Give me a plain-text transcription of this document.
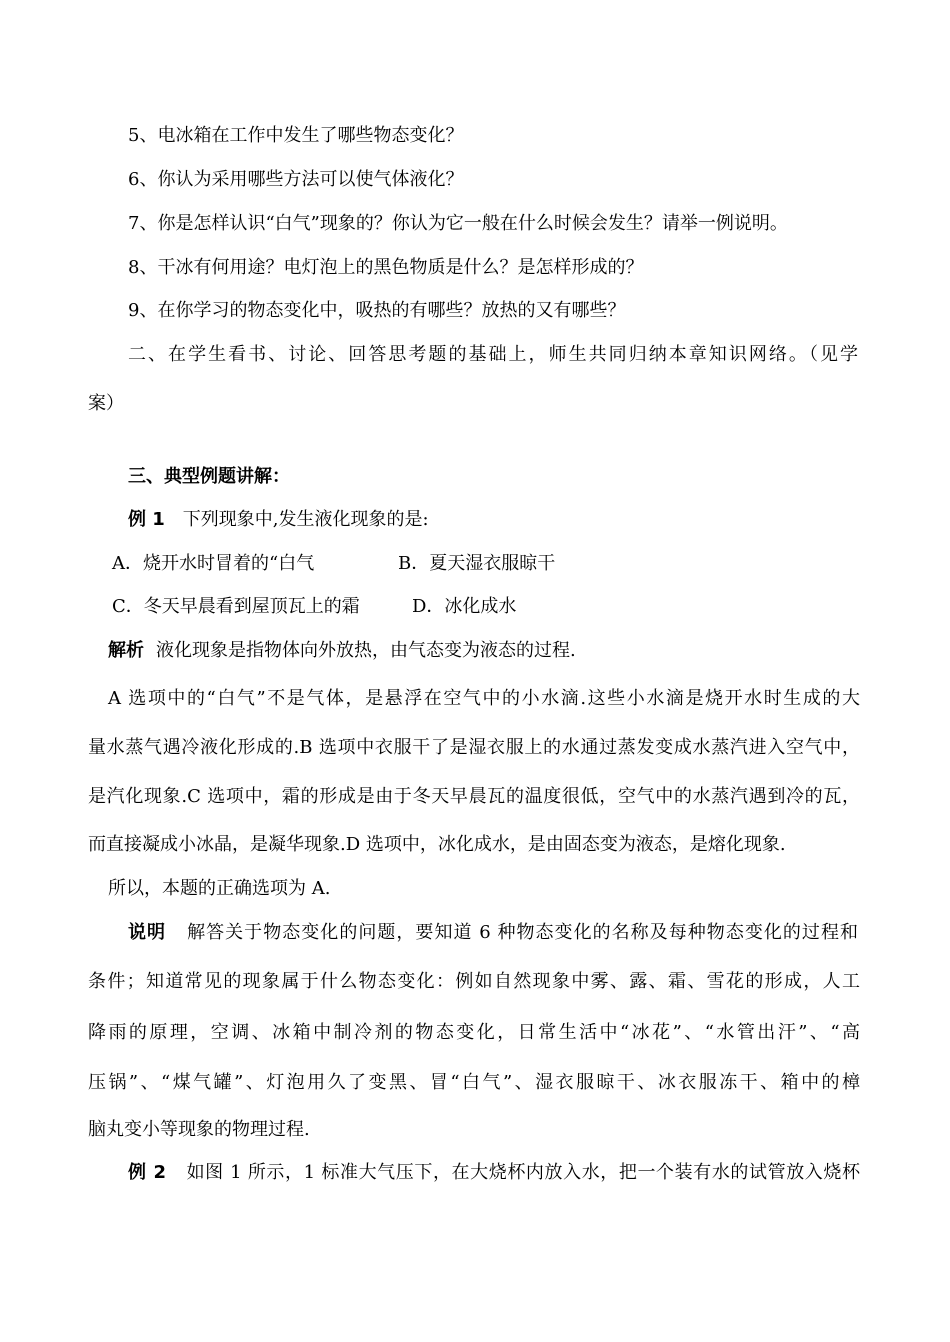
5、电冰箱在工作中发生了哪些物态变化？
6、你认为采用哪些方法可以使气体液化？
7、你是怎样认识“白气”现象的？你认为它一般在什么时候会发生？请举一例说明。
8、干冰有何用途？电灯泡上的黑色物质是什么？是怎样形成的？
9、在你学习的物态变化中，吸热的有哪些？放热的又有哪些？
二、在学生看书、讨论、回答思考题的基础上，师生共同归纳本章知识网络。（见学
案）
三、典型例题讲解：
例 1 下列现象中,发生液化现象的是:
A．烧开水时冒着的“白气	B．夏天湿衣服晾干
C．冬天早晨看到屋顶瓦上的霜	D．冰化成水
解析 液化现象是指物体向外放热，由气态变为液态的过程.
A 选项中的“白气”不是气体，是悬浮在空气中的小水滴.这些小水滴是烧开水时生成的大
量水蒸气遇冷液化形成的.B 选项中衣服干了是湿衣服上的水通过蒸发变成水蒸汽进入空气中，
是汽化现象.C 选项中，霜的形成是由于冬天早晨瓦的温度很低，空气中的水蒸汽遇到冷的瓦，
而直接凝成小冰晶，是凝华现象.D 选项中，冰化成水，是由固态变为液态，是熔化现象.
所以，本题的正确选项为 A.
说明 解答关于物态变化的问题，要知道 6 种物态变化的名称及每种物态变化的过程和
条件；知道常见的现象属于什么物态变化：例如自然现象中雾、露、霜、雪花的形成，人工
降雨的原理，空调、冰箱中制冷剂的物态变化，日常生活中“冰花”、“水管出汗”、“高
压锅”、“煤气罐”、灯泡用久了变黑、冒“白气”、湿衣服晾干、冰衣服冻干、箱中的樟
脑丸变小等现象的物理过程.
例 2 如图 1 所示，1 标准大气压下，在大烧杯内放入水，把一个装有水的试管放入烧杯
